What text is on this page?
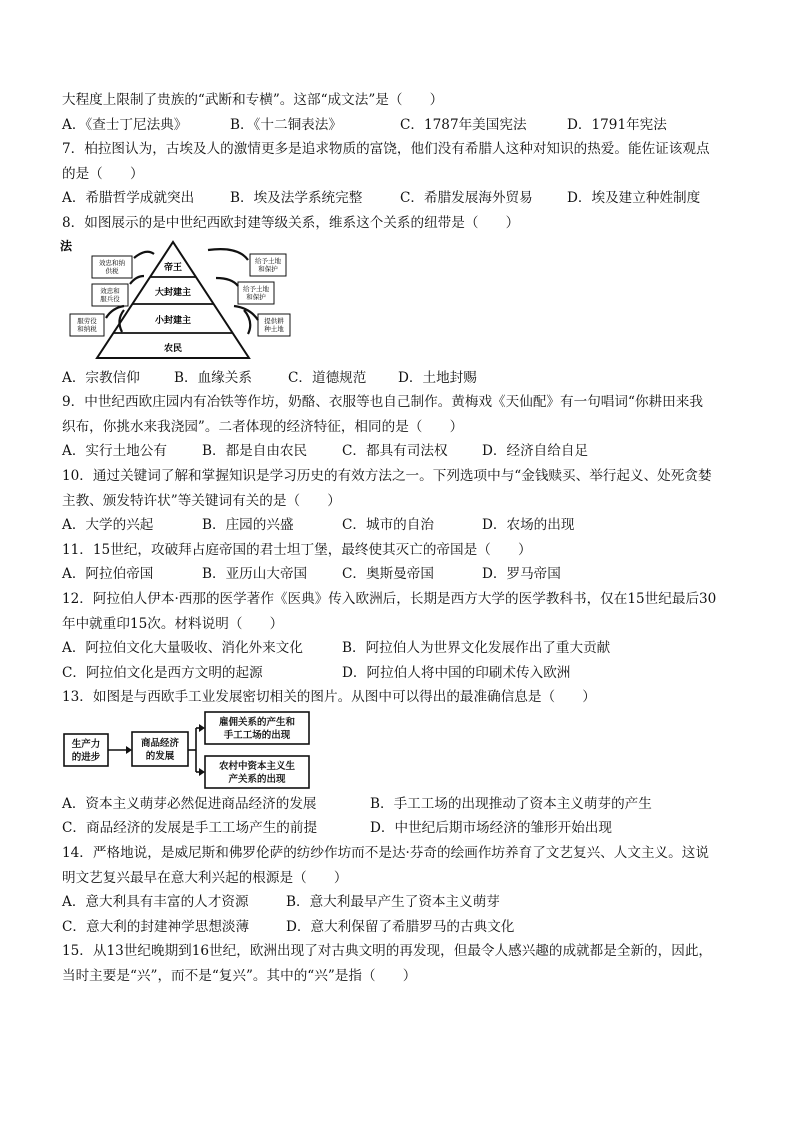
大程度上限制了贵族的“武断和专横”。这部“成文法”是（　　）
A．《查士丁尼法典》	B．《十二铜表法》	C．1787年美国宪法	D．1791年宪法
7．柏拉图认为，古埃及人的激情更多是追求物质的富饶，他们没有希腊人这种对知识的热爱。能佐证该观点
的是（　　）
A．希腊哲学成就突出	B．埃及法学系统完整	C．希腊发展海外贸易	D．埃及建立种姓制度
8．如图展示的是中世纪西欧封建等级关系，维系这个关系的纽带是（　　）
法
帝王
大封建主
小封建主
农民
效忠和纳供税
效忠和服兵役
服劳役和纳税
给予土地和保护
给予土地和保护
提供耕种土地
A．宗教信仰	B．血缘关系	C．道德规范 D．土地封赐
9．中世纪西欧庄园内有冶铁等作坊，奶酪、衣服等也自己制作。黄梅戏《天仙配》有一句唱词“你耕田来我
织布，你挑水来我浇园”。二者体现的经济特征，相同的是（　　）
A．实行土地公有	B．都是自由农民	C．都具有司法权	D．经济自给自足
10．通过关键词了解和掌握知识是学习历史的有效方法之一。下列选项中与“金钱赎买、举行起义、处死贪婪
主教、颁发特许状”等关键词有关的是（　　）
A．大学的兴起	B．庄园的兴盛	C．城市的自治	D．农场的出现
11．15世纪，攻破拜占庭帝国的君士坦丁堡，最终使其灭亡的帝国是（　　）
A．阿拉伯帝国	B．亚历山大帝国	C．奥斯曼帝国	D．罗马帝国
12．阿拉伯人伊本·西那的医学著作《医典》传入欧洲后，长期是西方大学的医学教科书，仅在15世纪最后30
年中就重印15次。材料说明（　　）
A．阿拉伯文化大量吸收、消化外来文化	B．阿拉伯人为世界文化发展作出了重大贡献
C．阿拉伯文化是西方文明的起源	D．阿拉伯人将中国的印刷术传入欧洲
13．如图是与西欧手工业发展密切相关的图片。从图中可以得出的最准确信息是（　　）
生产力的进步
商品经济的发展
雇佣关系的产生和手工工场的出现
农村中资本主义生产关系的出现
A．资本主义萌芽必然促进商品经济的发展	B．手工工场的出现推动了资本主义萌芽的产生
C．商品经济的发展是手工工场产生的前提	D．中世纪后期市场经济的雏形开始出现
14．严格地说，是威尼斯和佛罗伦萨的纺纱作坊而不是达·芬奇的绘画作坊养育了文艺复兴、人文主义。这说
明文艺复兴最早在意大利兴起的根源是（　　）
A．意大利具有丰富的人才资源	B．意大利最早产生了资本主义萌芽
C．意大利的封建神学思想淡薄	D．意大利保留了希腊罗马的古典文化
15．从13世纪晚期到16世纪，欧洲出现了对古典文明的再发现，但最令人感兴趣的成就都是全新的，因此，
当时主要是“兴”，而不是“复兴”。其中的“兴”是指（　　）
